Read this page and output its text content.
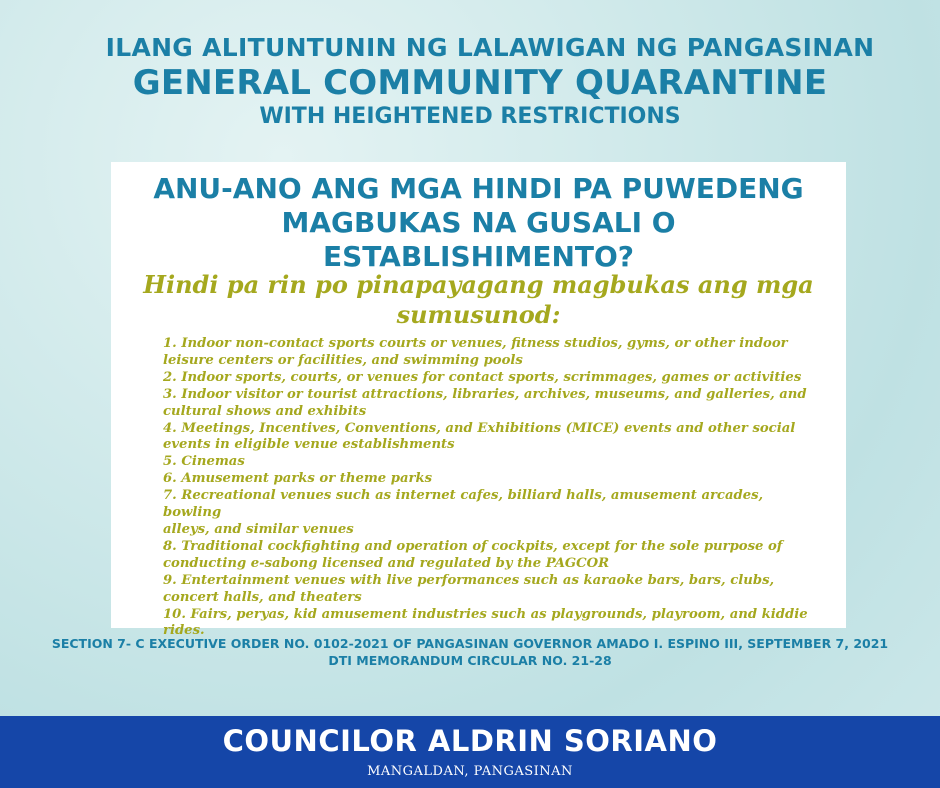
ILANG ALITUNTUNIN NG LALAWIGAN NG PANGASINAN
GENERAL COMMUNITY QUARANTINE
WITH HEIGHTENED RESTRICTIONS
ANU-ANO ANG MGA HINDI PA PUWEDENG
MAGBUKAS NA GUSALI O
ESTABLISHIMENTO?
Hindi pa rin po pinapayagang magbukas ang mga
sumusunod:
1. Indoor non-contact sports courts or venues, fitness studios, gyms, or other indoor
leisure centers or facilities, and swimming pools
2. Indoor sports, courts, or venues for contact sports, scrimmages, games or activities
3. Indoor visitor or tourist attractions, libraries, archives, museums, and galleries, and
cultural shows and exhibits
4. Meetings, Incentives, Conventions, and Exhibitions (MICE) events and other social
events in eligible venue establishments
5. Cinemas
6. Amusement parks or theme parks
7. Recreational venues such as internet cafes, billiard halls, amusement arcades, bowling
alleys, and similar venues
8. Traditional cockfighting and operation of cockpits, except for the sole purpose of
conducting e-sabong licensed and regulated by the PAGCOR
9. Entertainment venues with live performances such as karaoke bars, bars, clubs,
concert halls, and theaters
10. Fairs, peryas, kid amusement industries such as playgrounds, playroom, and kiddie
rides.
SECTION 7- C EXECUTIVE ORDER NO. 0102-2021 OF PANGASINAN GOVERNOR AMADO I. ESPINO III, SEPTEMBER 7, 2021
DTI MEMORANDUM CIRCULAR NO. 21-28
COUNCILOR ALDRIN SORIANO
MANGALDAN, PANGASINAN
